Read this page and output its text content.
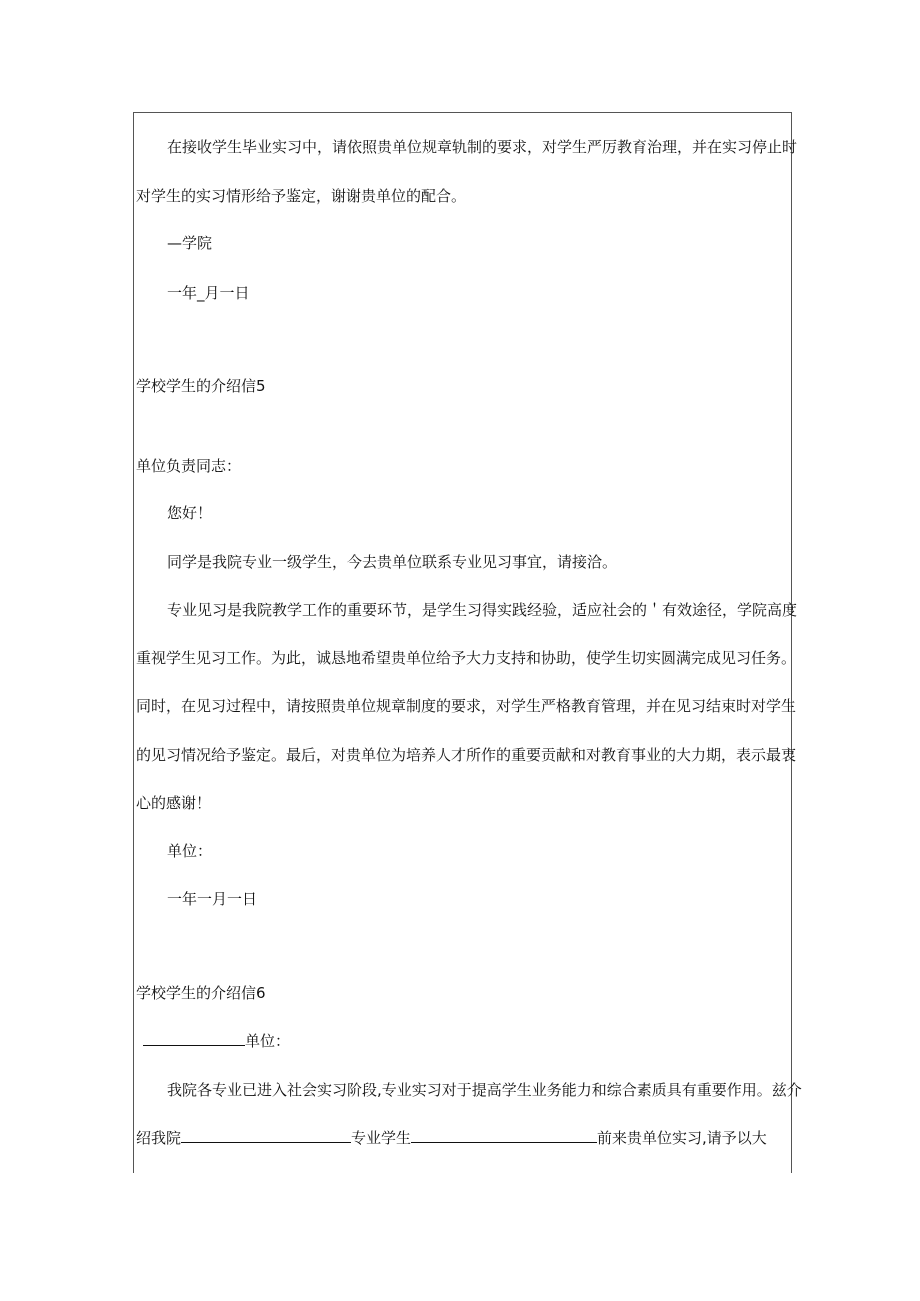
在接收学生毕业实习中，请依照贵单位规章轨制的要求，对学生严厉教育治理，并在实习停止时
对学生的实习情形给予鉴定，谢谢贵单位的配合。
—学院
一年_月一日
学校学生的介绍信5
单位负责同志：
您好！
同学是我院专业一级学生，今去贵单位联系专业见习事宜，请接洽。
专业见习是我院教学工作的重要环节，是学生习得实践经验，适应社会的＇有效途径，学院高度
重视学生见习工作。为此，诚恳地希望贵单位给予大力支持和协助，使学生切实圆满完成见习任务。
同时，在见习过程中，请按照贵单位规章制度的要求，对学生严格教育管理，并在见习结束时对学生
的见习情况给予鉴定。最后，对贵单位为培养人才所作的重要贡献和对教育事业的大力期，表示最衷
心的感谢！
单位：
一年一月一日
学校学生的介绍信6
单位：
我院各专业已进入社会实习阶段,专业实习对于提高学生业务能力和综合素质具有重要作用。兹介
绍我院	专业学生	前来贵单位实习,请予以大
